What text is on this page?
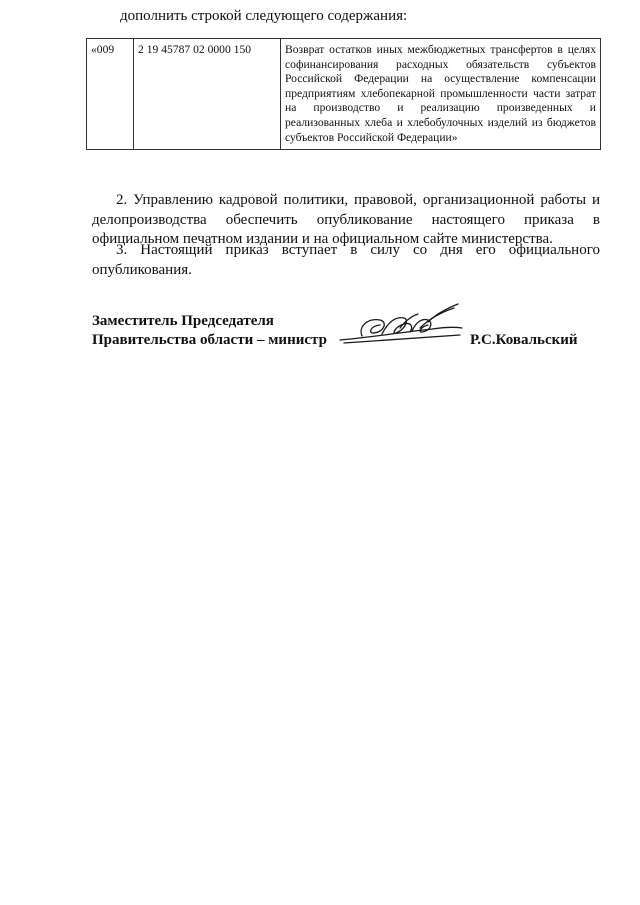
дополнить строкой следующего содержания:
«009	2 19 45787 02 0000 150	Возврат остатков иных межбюджетных трансфертов в целях софинансирования расходных обязательств субъектов Российской Федерации на осуществление компенсации предприятиям хлебопекарной промышленности части затрат на производство и реализацию произведенных и реализованных хлеба и хлебобулочных изделий из бюджетов субъектов Российской Федерации»
2. Управлению кадровой политики, правовой, организационной работы и делопроизводства обеспечить опубликование настоящего приказа в официальном печатном издании и на официальном сайте министерства.
3. Настоящий приказ вступает в силу со дня его официального опубликования.
Заместитель Председателя
Правительства области – министр	Р.С.Ковальский
